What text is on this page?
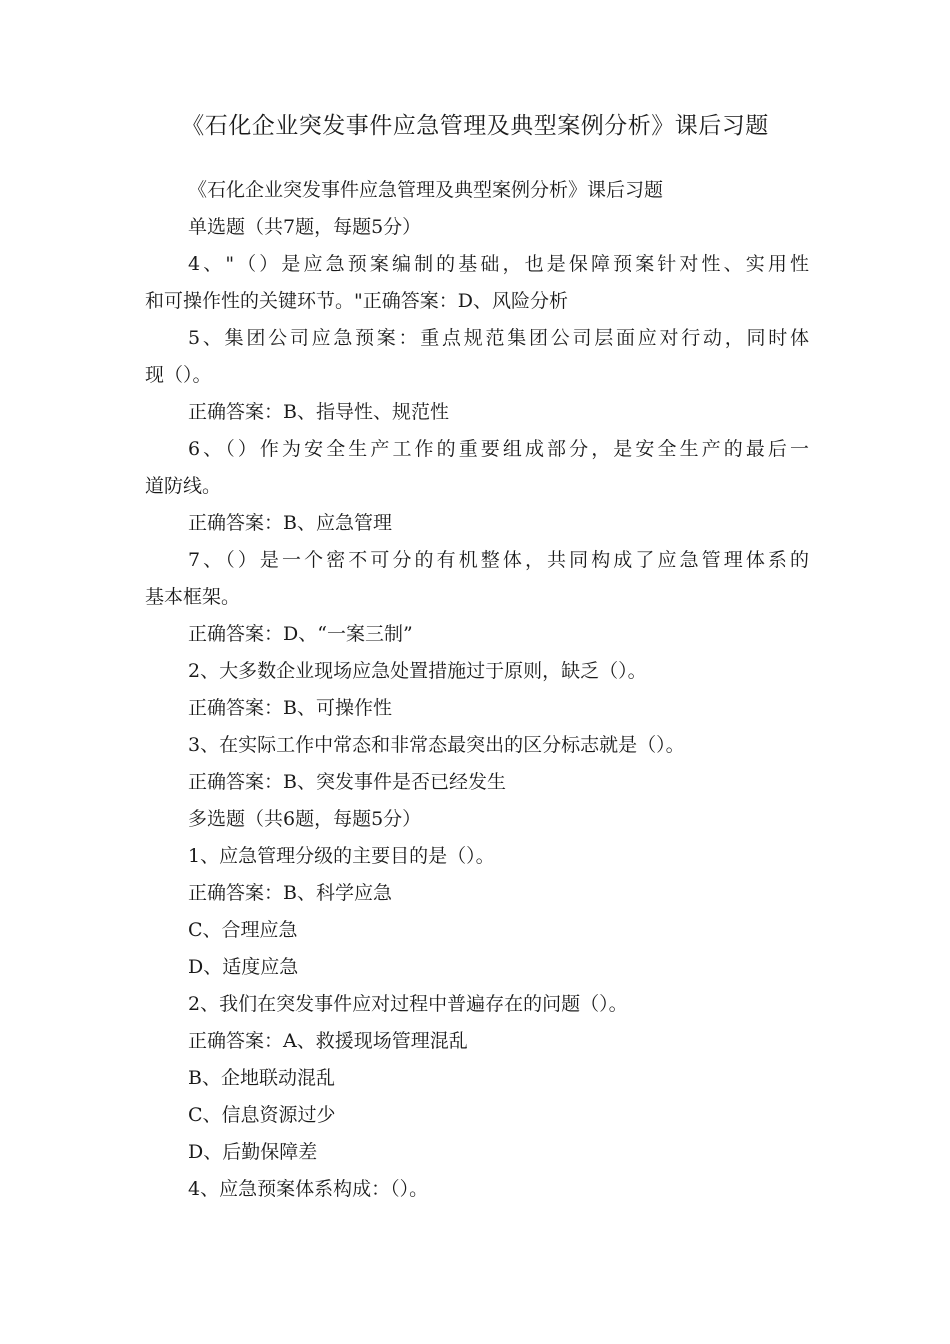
《石化企业突发事件应急管理及典型案例分析》课后习题
《石化企业突发事件应急管理及典型案例分析》课后习题
单选题（共7题，每题5分）
4、"（）是应急预案编制的基础，也是保障预案针对性、实用性
和可操作性的关键环节。"正确答案：D、风险分析
5、集团公司应急预案：重点规范集团公司层面应对行动，同时体
现（）。
正确答案：B、指导性、规范性
6、（）作为安全生产工作的重要组成部分，是安全生产的最后一
道防线。
正确答案：B、应急管理
7、（）是一个密不可分的有机整体，共同构成了应急管理体系的
基本框架。
正确答案：D、“一案三制”
2、大多数企业现场应急处置措施过于原则，缺乏（）。
正确答案：B、可操作性
3、在实际工作中常态和非常态最突出的区分标志就是（）。
正确答案：B、突发事件是否已经发生
多选题（共6题，每题5分）
1、应急管理分级的主要目的是（）。
正确答案：B、科学应急
C、合理应急
D、适度应急
2、我们在突发事件应对过程中普遍存在的问题（）。
正确答案：A、救援现场管理混乱
B、企地联动混乱
C、信息资源过少
D、后勤保障差
4、应急预案体系构成：（）。
